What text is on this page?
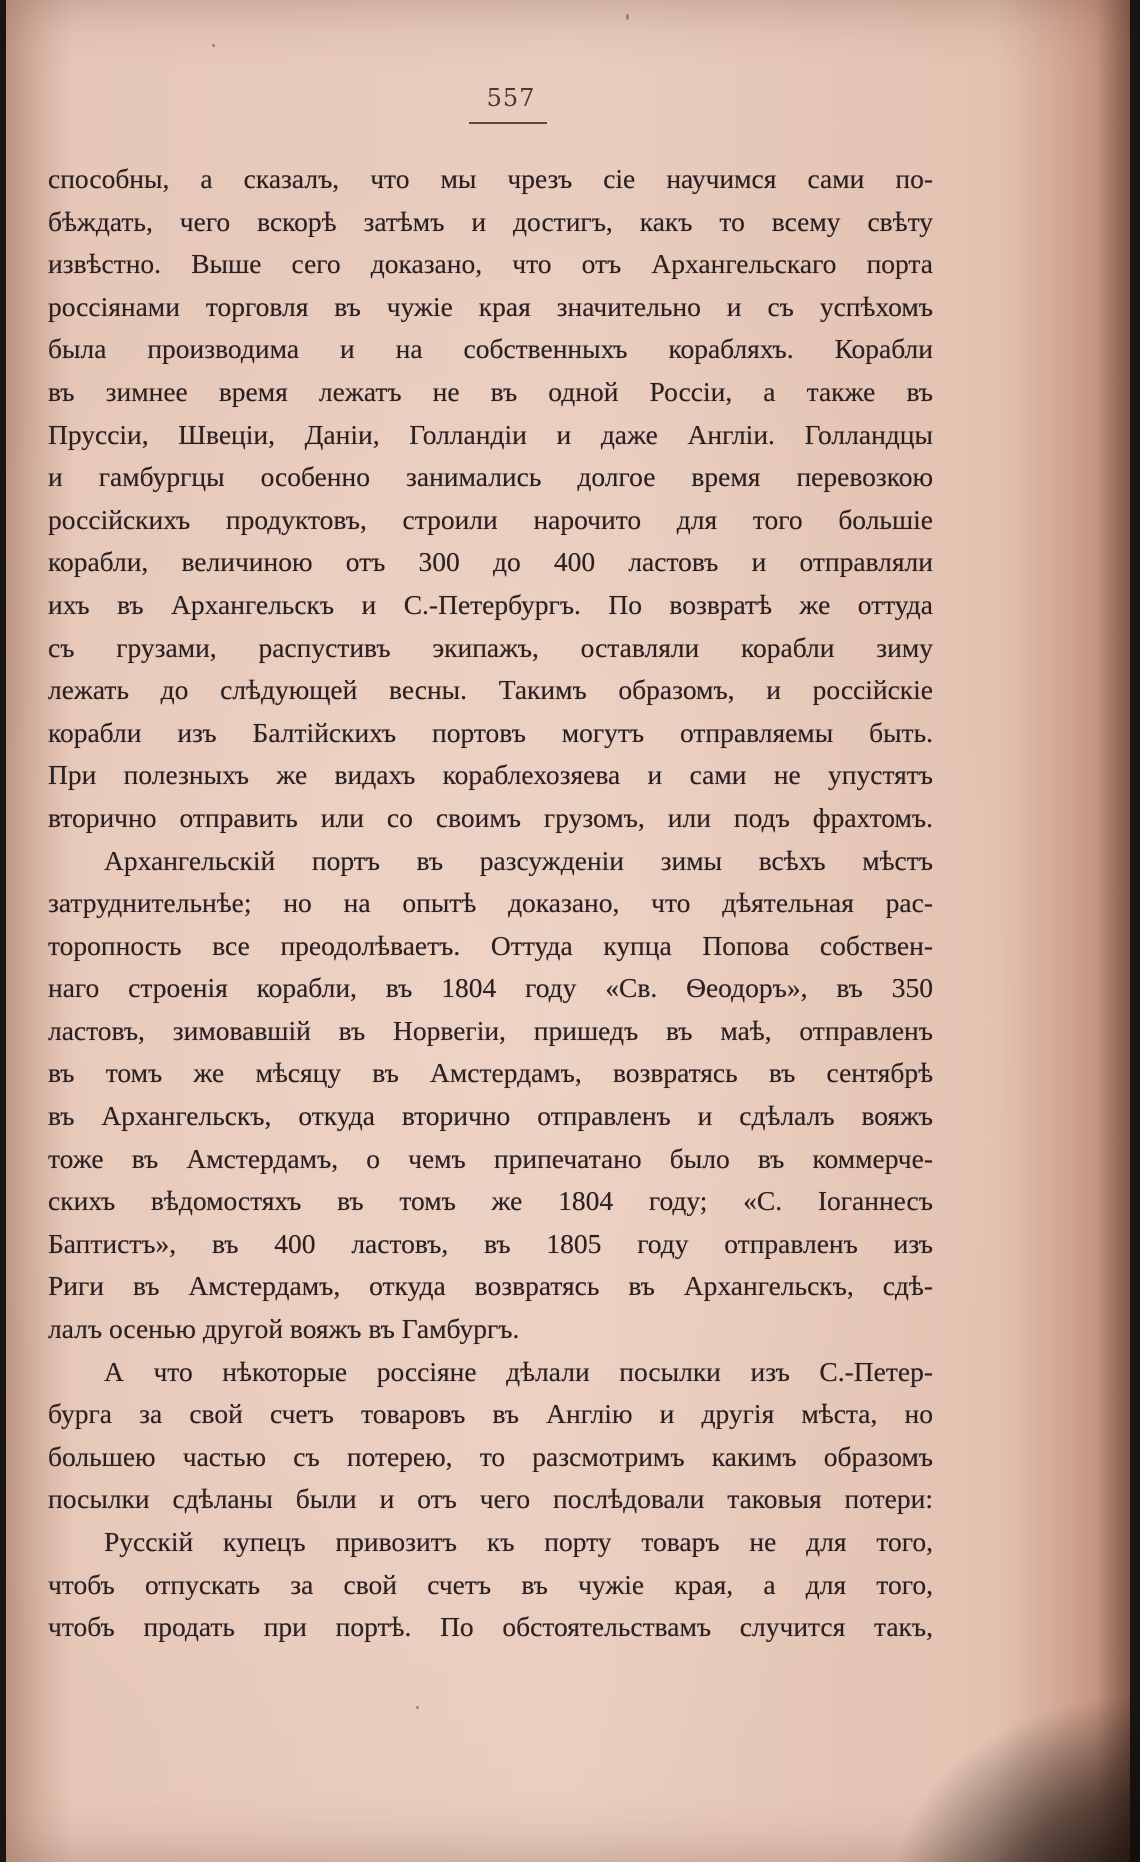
557
способны, а сказалъ, что мы чрезъ сіе научимся сами по-
бѣждать, чего вскорѣ затѣмъ и достигъ, какъ то всему свѣту
извѣстно. Выше сего доказано, что отъ Архангельскаго порта
россіянами торговля въ чужіе края значительно и съ успѣхомъ
была производима и на собственныхъ корабляхъ. Корабли
въ зимнее время лежатъ не въ одной Россіи, а также въ
Пруссіи, Швеціи, Даніи, Голландіи и даже Англіи. Голландцы
и гамбургцы особенно занимались долгое время перевозкою
россійскихъ продуктовъ, строили нарочито для того большіе
корабли, величиною отъ 300 до 400 ластовъ и отправляли
ихъ въ Архангельскъ и С.-Петербургъ. По возвратѣ же оттуда
съ грузами, распустивъ экипажъ, оставляли корабли зиму
лежать до слѣдующей весны. Такимъ образомъ, и россійскіе
корабли изъ Балтійскихъ портовъ могутъ отправляемы быть.
При полезныхъ же видахъ кораблехозяева и сами не упустятъ
вторично отправить или со своимъ грузомъ, или подъ фрахтомъ.
Архангельскій портъ въ разсужденіи зимы всѣхъ мѣстъ
затруднительнѣе; но на опытѣ доказано, что дѣятельная рас-
торопность все преодолѣваетъ. Оттуда купца Попова собствен-
наго строенія корабли, въ 1804 году «Св. Ѳеодоръ», въ 350
ластовъ, зимовавшій въ Норвегіи, пришедъ въ маѣ, отправленъ
въ томъ же мѣсяцу въ Амстердамъ, возвратясь въ сентябрѣ
въ Архангельскъ, откуда вторично отправленъ и сдѣлалъ вояжъ
тоже въ Амстердамъ, о чемъ припечатано было въ коммерче-
скихъ вѣдомостяхъ въ томъ же 1804 году; «С. Іоганнесъ
Баптистъ», въ 400 ластовъ, въ 1805 году отправленъ изъ
Риги въ Амстердамъ, откуда возвратясь въ Архангельскъ, сдѣ-
лалъ осенью другой вояжъ въ Гамбургъ.
А что нѣкоторые россіяне дѣлали посылки изъ С.-Петер-
бурга за свой счетъ товаровъ въ Англію и другія мѣста, но
большею частью съ потерею, то разсмотримъ какимъ образомъ
посылки сдѣланы были и отъ чего послѣдовали таковыя потери:
Русскій купецъ привозитъ къ порту товаръ не для того,
чтобъ отпускать за свой счетъ въ чужіе края, а для того,
чтобъ продать при портѣ. По обстоятельствамъ случится такъ,
